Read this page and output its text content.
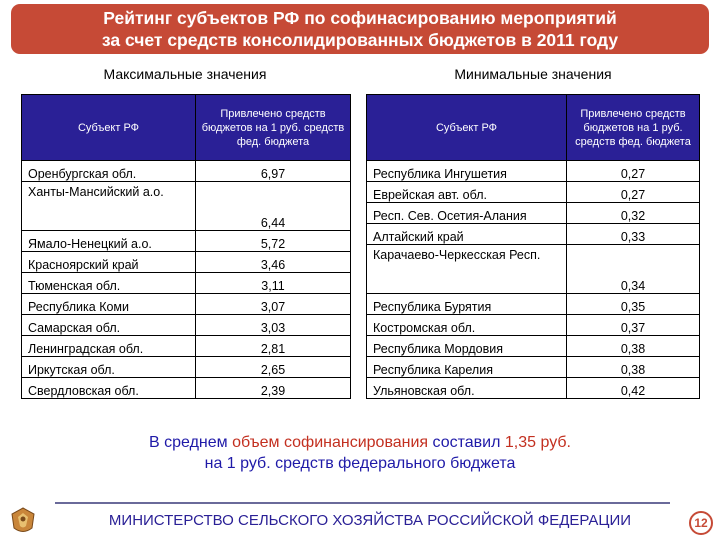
Рейтинг субъектов РФ по софинасированию мероприятий
за счет средств консолидированных бюджетов в 2011 году
Максимальные значения	Минимальные значения
Субъект РФ	Привлечено средств бюджетов на 1 руб. средств фед. бюджета
Оренбургская обл.	6,97
Ханты-Мансийский а.о.	6,44
Ямало-Ненецкий а.о.	5,72
Красноярский край	3,46
Тюменская обл.	3,11
Республика Коми	3,07
Самарская обл.	3,03
Ленинградская обл.	2,81
Иркутская обл.	2,65
Свердловская обл.	2,39
Субъект РФ	Привлечено средств бюджетов на 1 руб. средств фед. бюджета
Республика Ингушетия	0,27
Еврейская авт. обл.	0,27
Респ. Сев. Осетия-Алания	0,32
Алтайский край	0,33
Карачаево-Черкесская Респ.	0,34
Республика Бурятия	0,35
Костромская обл.	0,37
Республика Мордовия	0,38
Республика Карелия	0,38
Ульяновская обл.	0,42
В среднем объем софинансирования составил 1,35 руб.
на 1 руб. средств федерального бюджета
МИНИСТЕРСТВО СЕЛЬСКОГО ХОЗЯЙСТВА РОССИЙСКОЙ ФЕДЕРАЦИИ	12
